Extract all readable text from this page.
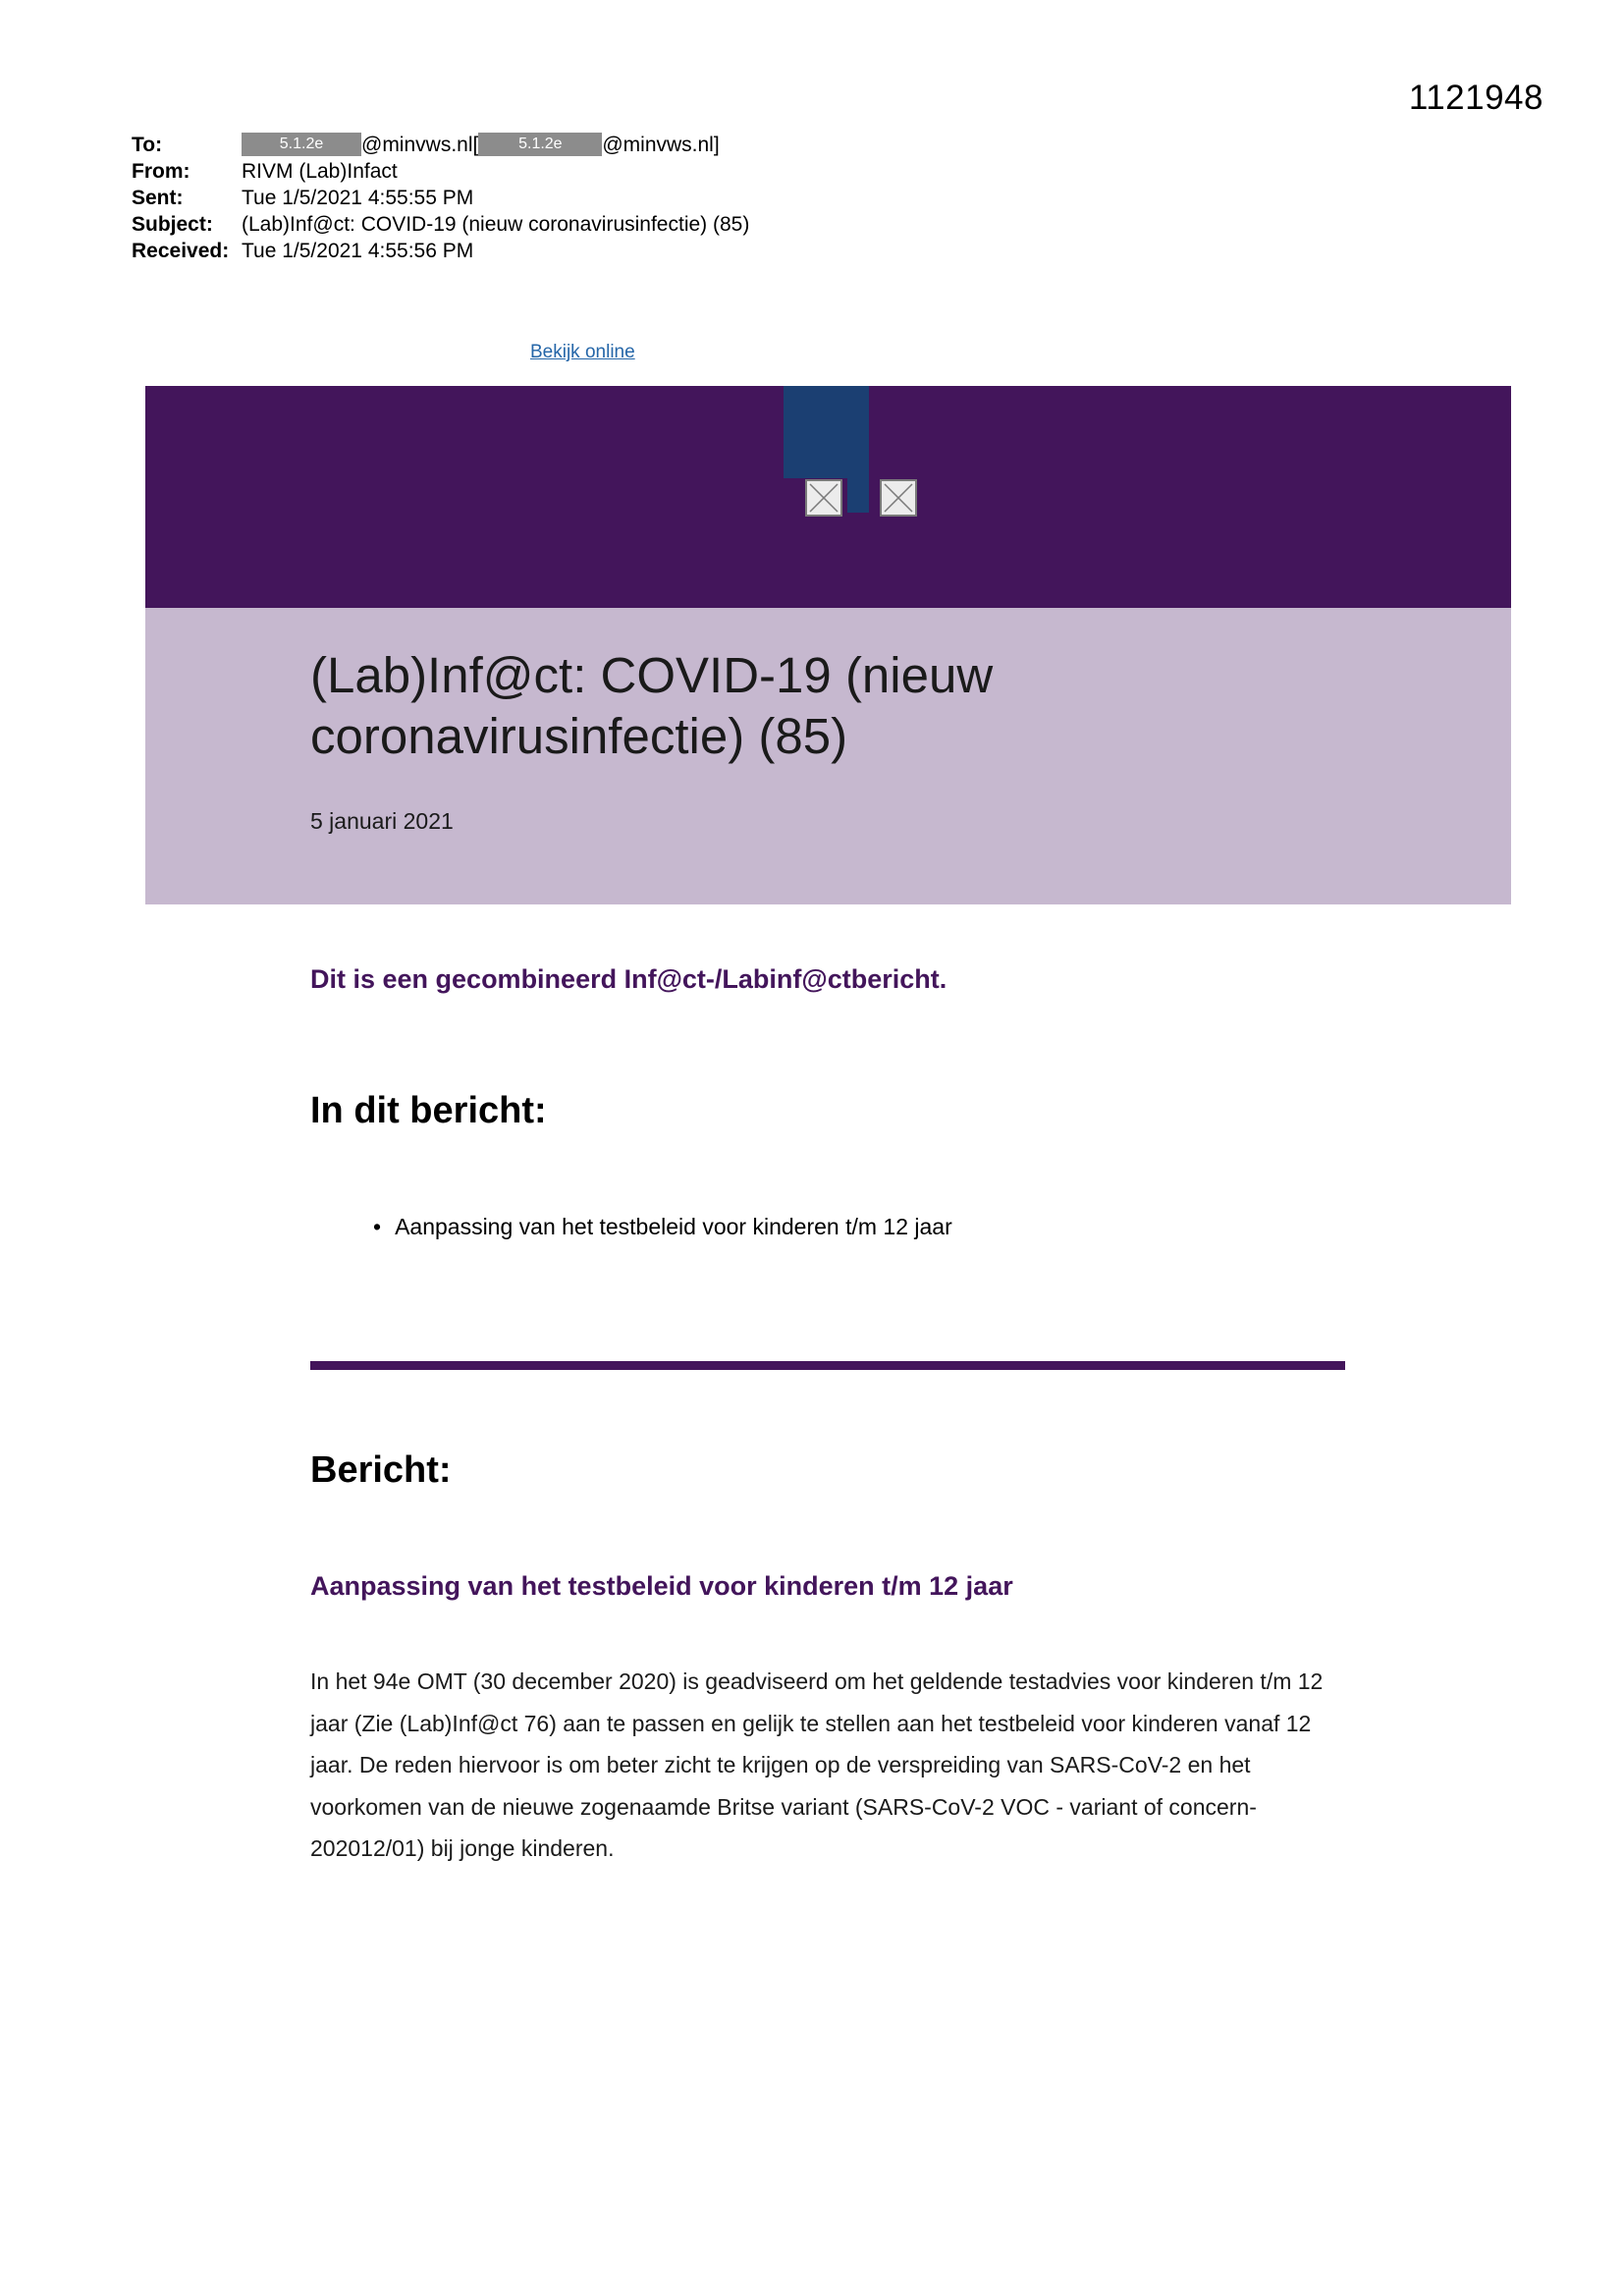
1121948
To:	5.1.2e @minvws.nl[ 5.1.2e @minvws.nl]
From:	RIVM (Lab)Infact
Sent:	Tue 1/5/2021 4:55:55 PM
Subject:	(Lab)Inf@ct: COVID-19 (nieuw coronavirusinfectie) (85)
Received:	Tue 1/5/2021 4:55:56 PM
Bekijk online
(Lab)Inf@ct: COVID-19 (nieuw
coronavirusinfectie) (85)
5 januari 2021
Dit is een gecombineerd Inf@ct-/Labinf@ctbericht.
In dit bericht:
• Aanpassing van het testbeleid voor kinderen t/m 12 jaar
Bericht:
Aanpassing van het testbeleid voor kinderen t/m 12 jaar

In het 94e OMT (30 december 2020) is geadviseerd om het geldende testadvies voor kinderen t/m 12 jaar (Zie (Lab)Inf@ct 76) aan te passen en gelijk te stellen aan het testbeleid voor kinderen vanaf 12 jaar. De reden hiervoor is om beter zicht te krijgen op de verspreiding van SARS-CoV-2 en het voorkomen van de nieuwe zogenaamde Britse variant (SARS-CoV-2 VOC - variant of concern- 202012/01) bij jonge kinderen.
